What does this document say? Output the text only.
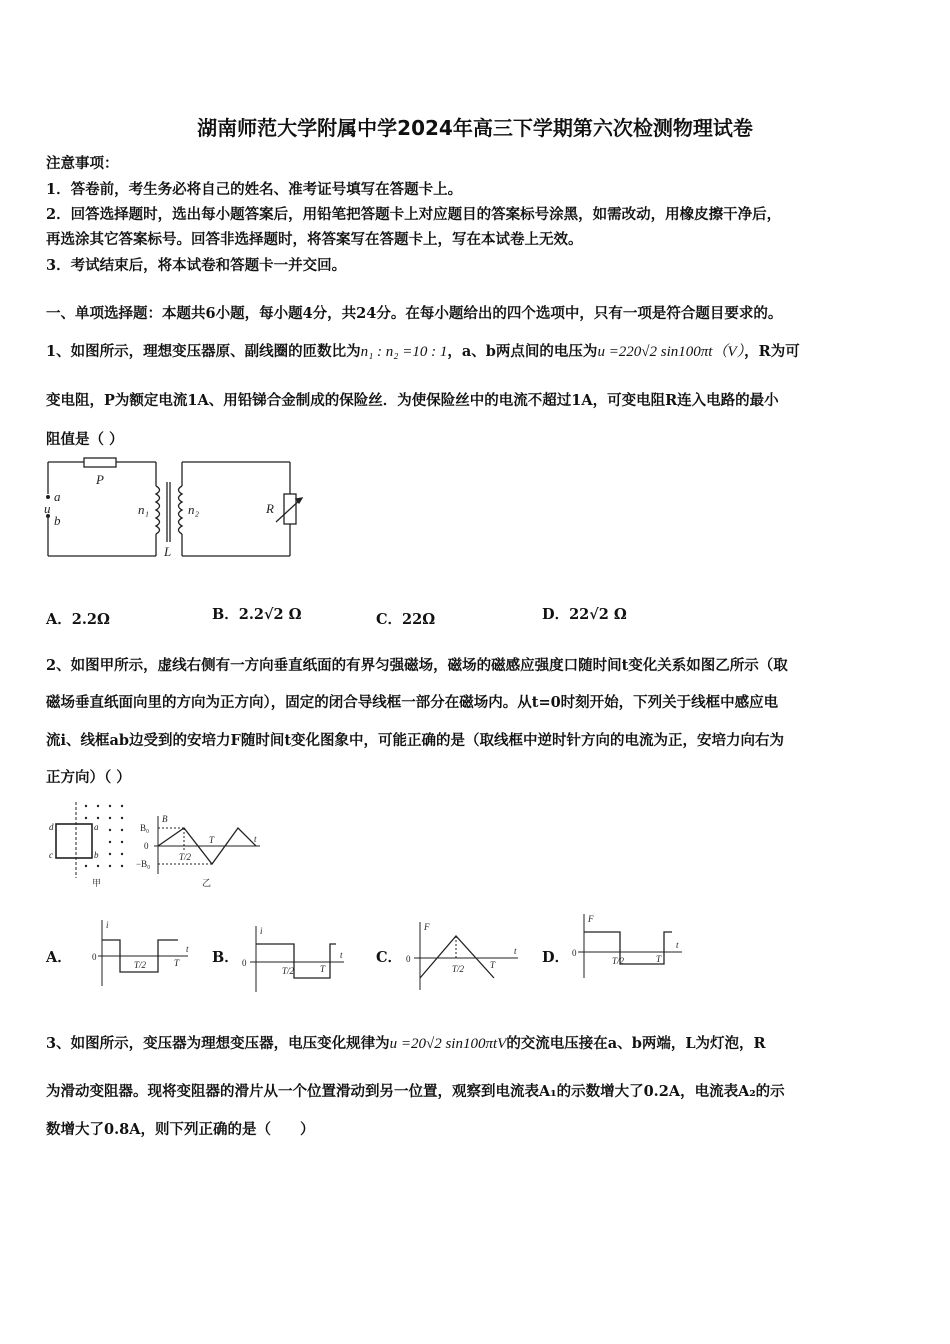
湖南师范大学附属中学2024年高三下学期第六次检测物理试卷
注意事项：
1．答卷前，考生务必将自己的姓名、准考证号填写在答题卡上。
2．回答选择题时，选出每小题答案后，用铅笔把答题卡上对应题目的答案标号涂黑，如需改动，用橡皮擦干净后，
再选涂其它答案标号。回答非选择题时，将答案写在答题卡上，写在本试卷上无效。
3．考试结束后，将本试卷和答题卡一并交回。
一、单项选择题：本题共6小题，每小题4分，共24分。在每小题给出的四个选项中，只有一项是符合题目要求的。
1、如图所示，理想变压器原、副线圈的匝数比为n₁ : n₂ =10 : 1，a、b两点间的电压为u =220√2 sin100πt（V），R为可
变电阻，P为额定电流1A、用铅锑合金制成的保险丝．为使保险丝中的电流不超过1A，可变电阻R连入电路的最小
阻值是（ ）
P
a
u
b
n₁	n₂	R
L
A．2.2Ω	B．2.2√2 Ω	C．22Ω	D．22√2 Ω
2、如图甲所示，虚线右侧有一方向垂直纸面的有界匀强磁场，磁场的磁感应强度口随时间t变化关系如图乙所示（取
磁场垂直纸面向里的方向为正方向），固定的闭合导线框一部分在磁场内。从t=0时刻开始，下列关于线框中感应电
流i、线框ab边受到的安培力F随时间t变化图象中，可能正确的是（取线框中逆时针方向的电流为正，安培力向右为
正方向）（ ）
d
c
a
b
甲
B
B₀
0
−B₀
T/2
T	t
乙
A．
i
0
T/2	T
t B．
i
0
T/2	T
t C．
F
0
T/2	T
t D．
F
0
T/2	T
t
3、如图所示，变压器为理想变压器，电压变化规律为u =20√2 sin100πtV的交流电压接在a、b两端，L为灯泡，R
为滑动变阻器。现将变阻器的滑片从一个位置滑动到另一位置，观察到电流表A₁的示数增大了0.2A，电流表A₂的示
数增大了0.8A，则下列正确的是（　　）
